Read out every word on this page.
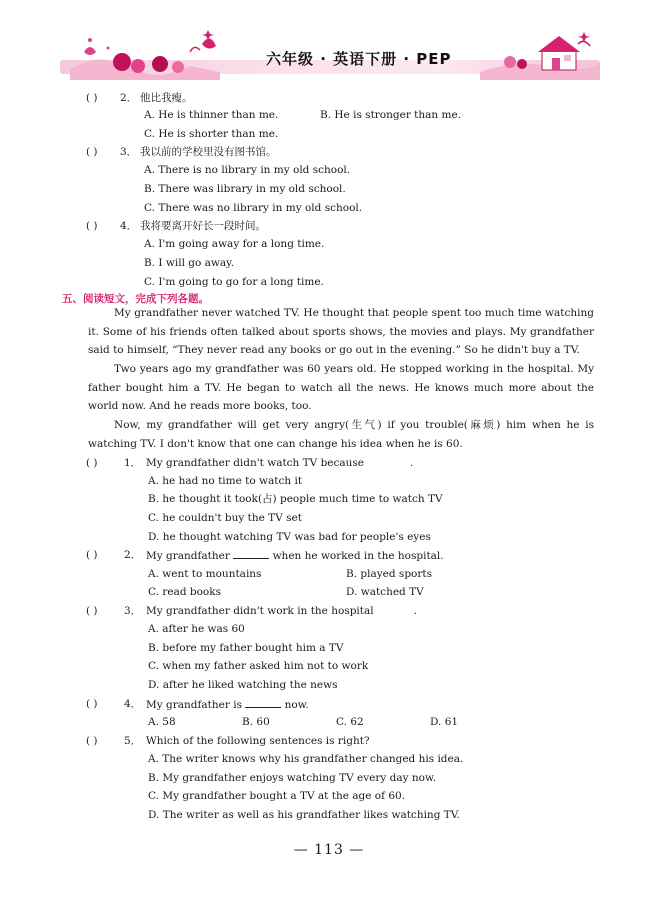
六年级 · 英语下册 · PEP
( ) 2． 他比我瘦。
A. He is thinner than me.	B. He is stronger than me.
C. He is shorter than me.
( ) 3． 我以前的学校里没有图书馆。
A. There is no library in my old school.
B. There was library in my old school.
C. There was no library in my old school.
( ) 4． 我将要离开好长一段时间。
A. I'm going away for a long time.
B. I will go away.
C. I'm going to go for a long time.
五、阅读短文，完成下列各题。
My grandfather never watched TV. He thought that people spent too much time watching it. Some of his friends often talked about sports shows, the movies and plays. My grandfather said to himself, “They never read any books or go out in the evening.” So he didn't buy a TV.
Two years ago my grandfather was 60 years old. He stopped working in the hospital. My father bought him a TV. He began to watch all the news. He knows much more about the world now. And he reads more books, too.
Now, my grandfather will get very angry(生气) if you trouble(麻烦) him when he is watching TV. I don't know that one can change his idea when he is 60.
( )	1． My grandfather didn't watch TV because	.
A. he had no time to watch it
B. he thought it took(占) people much time to watch TV
C. he couldn't buy the TV set
D. he thought watching TV was bad for people's eyes
( )	2． My grandfather	when he worked in the hospital.
A. went to mountains	B. played sports
C. read books	D. watched TV
( )	3． My grandfather didn't work in the hospital	.
A. after he was 60
B. before my father bought him a TV
C. when my father asked him not to work
D. after he liked watching the news
( )	4． My grandfather is	now.
A. 58	B. 60	C. 62	D. 61
( )	5． Which of the following sentences is right?
A. The writer knows why his grandfather changed his idea.
B. My grandfather enjoys watching TV every day now.
C. My grandfather bought a TV at the age of 60.
D. The writer as well as his grandfather likes watching TV.
— 113 —
